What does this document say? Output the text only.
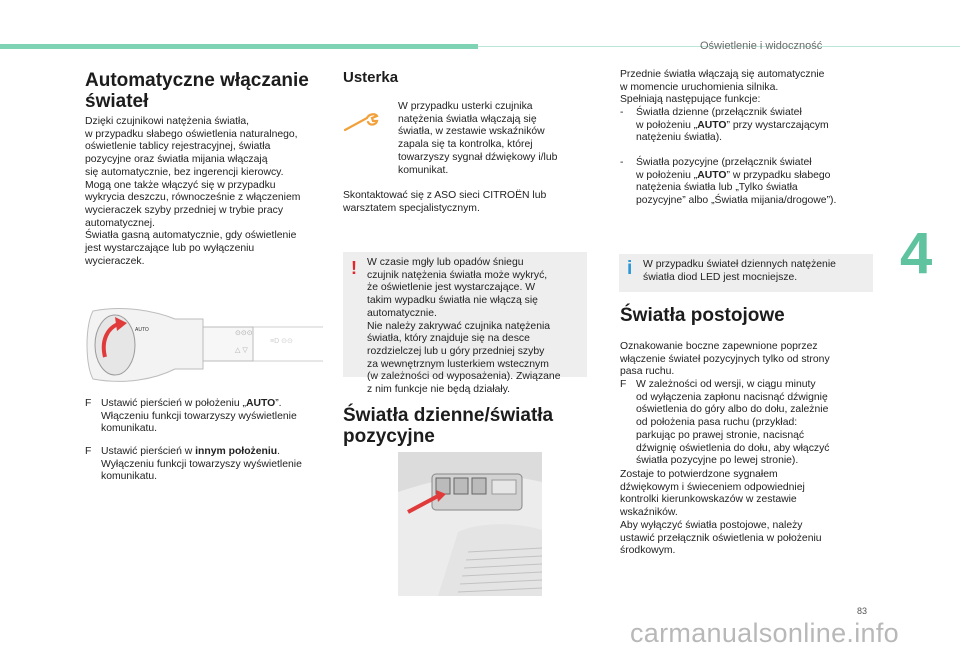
Oświetlenie i widoczność
Automatyczne włączanie
świateł
Dzięki czujnikowi natężenia światła,
w przypadku słabego oświetlenia naturalnego,
oświetlenie tablicy rejestracyjnej, światła
pozycyjne oraz światła mijania włączają
się automatycznie, bez ingerencji kierowcy.
Mogą one także włączyć się w przypadku
wykrycia deszczu, równocześnie z włączeniem
wycieraczek szyby przedniej w trybie pracy
automatycznej.
Światła gasną automatycznie, gdy oświetlenie
jest wystarczające lub po wyłączeniu
wycieraczek.
AUTO	⊙⊙⊙
△ ▽
≡D ⊙⊙
F Ustawić pierścień w położeniu „AUTO”.
Włączeniu funkcji towarzyszy wyświetlenie
komunikatu.
F Ustawić pierścień w innym położeniu.
Wyłączeniu funkcji towarzyszy wyświetlenie
komunikatu.
Usterka
W przypadku usterki czujnika
natężenia światła włączają się
światła, w zestawie wskaźników
zapala się ta kontrolka, której
towarzyszy sygnał dźwiękowy i/lub
komunikat.
Skontaktować się z ASO sieci CITROËN lub
warsztatem specjalistycznym.
! W czasie mgły lub opadów śniegu
czujnik natężenia światła może wykryć,
że oświetlenie jest wystarczające. W
takim wypadku światła nie włączą się
automatycznie.
Nie należy zakrywać czujnika natężenia
światła, który znajduje się na desce
rozdzielczej lub u góry przedniej szyby
za wewnętrznym lusterkiem wstecznym
(w zależności od wyposażenia). Związane
z nim funkcje nie będą działały.
Światła dzienne/światła
pozycyjne
Przednie światła włączają się automatycznie
w momencie uruchomienia silnika.
Spełniają następujące funkcje:
- Światła dzienne (przełącznik świateł
w położeniu „AUTO” przy wystarczającym
natężeniu światła).
- Światła pozycyjne (przełącznik świateł
w położeniu „AUTO” w przypadku słabego
natężenia światła lub „Tylko światła
pozycyjne” albo „Światła mijania/drogowe”).
i W przypadku świateł dziennych natężenie
światła diod LED jest mocniejsze.
Światła postojowe
Oznakowanie boczne zapewnione poprzez
włączenie świateł pozycyjnych tylko od strony
pasa ruchu.
F W zależności od wersji, w ciągu minuty
od wyłączenia zapłonu nacisnąć dźwignię
oświetlenia do góry albo do dołu, zależnie
od położenia pasa ruchu (przykład:
parkując po prawej stronie, nacisnąć
dźwignię oświetlenia do dołu, aby włączyć
światła pozycyjne po lewej stronie).
Zostaje to potwierdzone sygnałem
dźwiękowym i świeceniem odpowiedniej
kontrolki kierunkowskazów w zestawie
wskaźników.
Aby wyłączyć światła postojowe, należy
ustawić przełącznik oświetlenia w położeniu
środkowym.
4
83
carmanualsonline.info
